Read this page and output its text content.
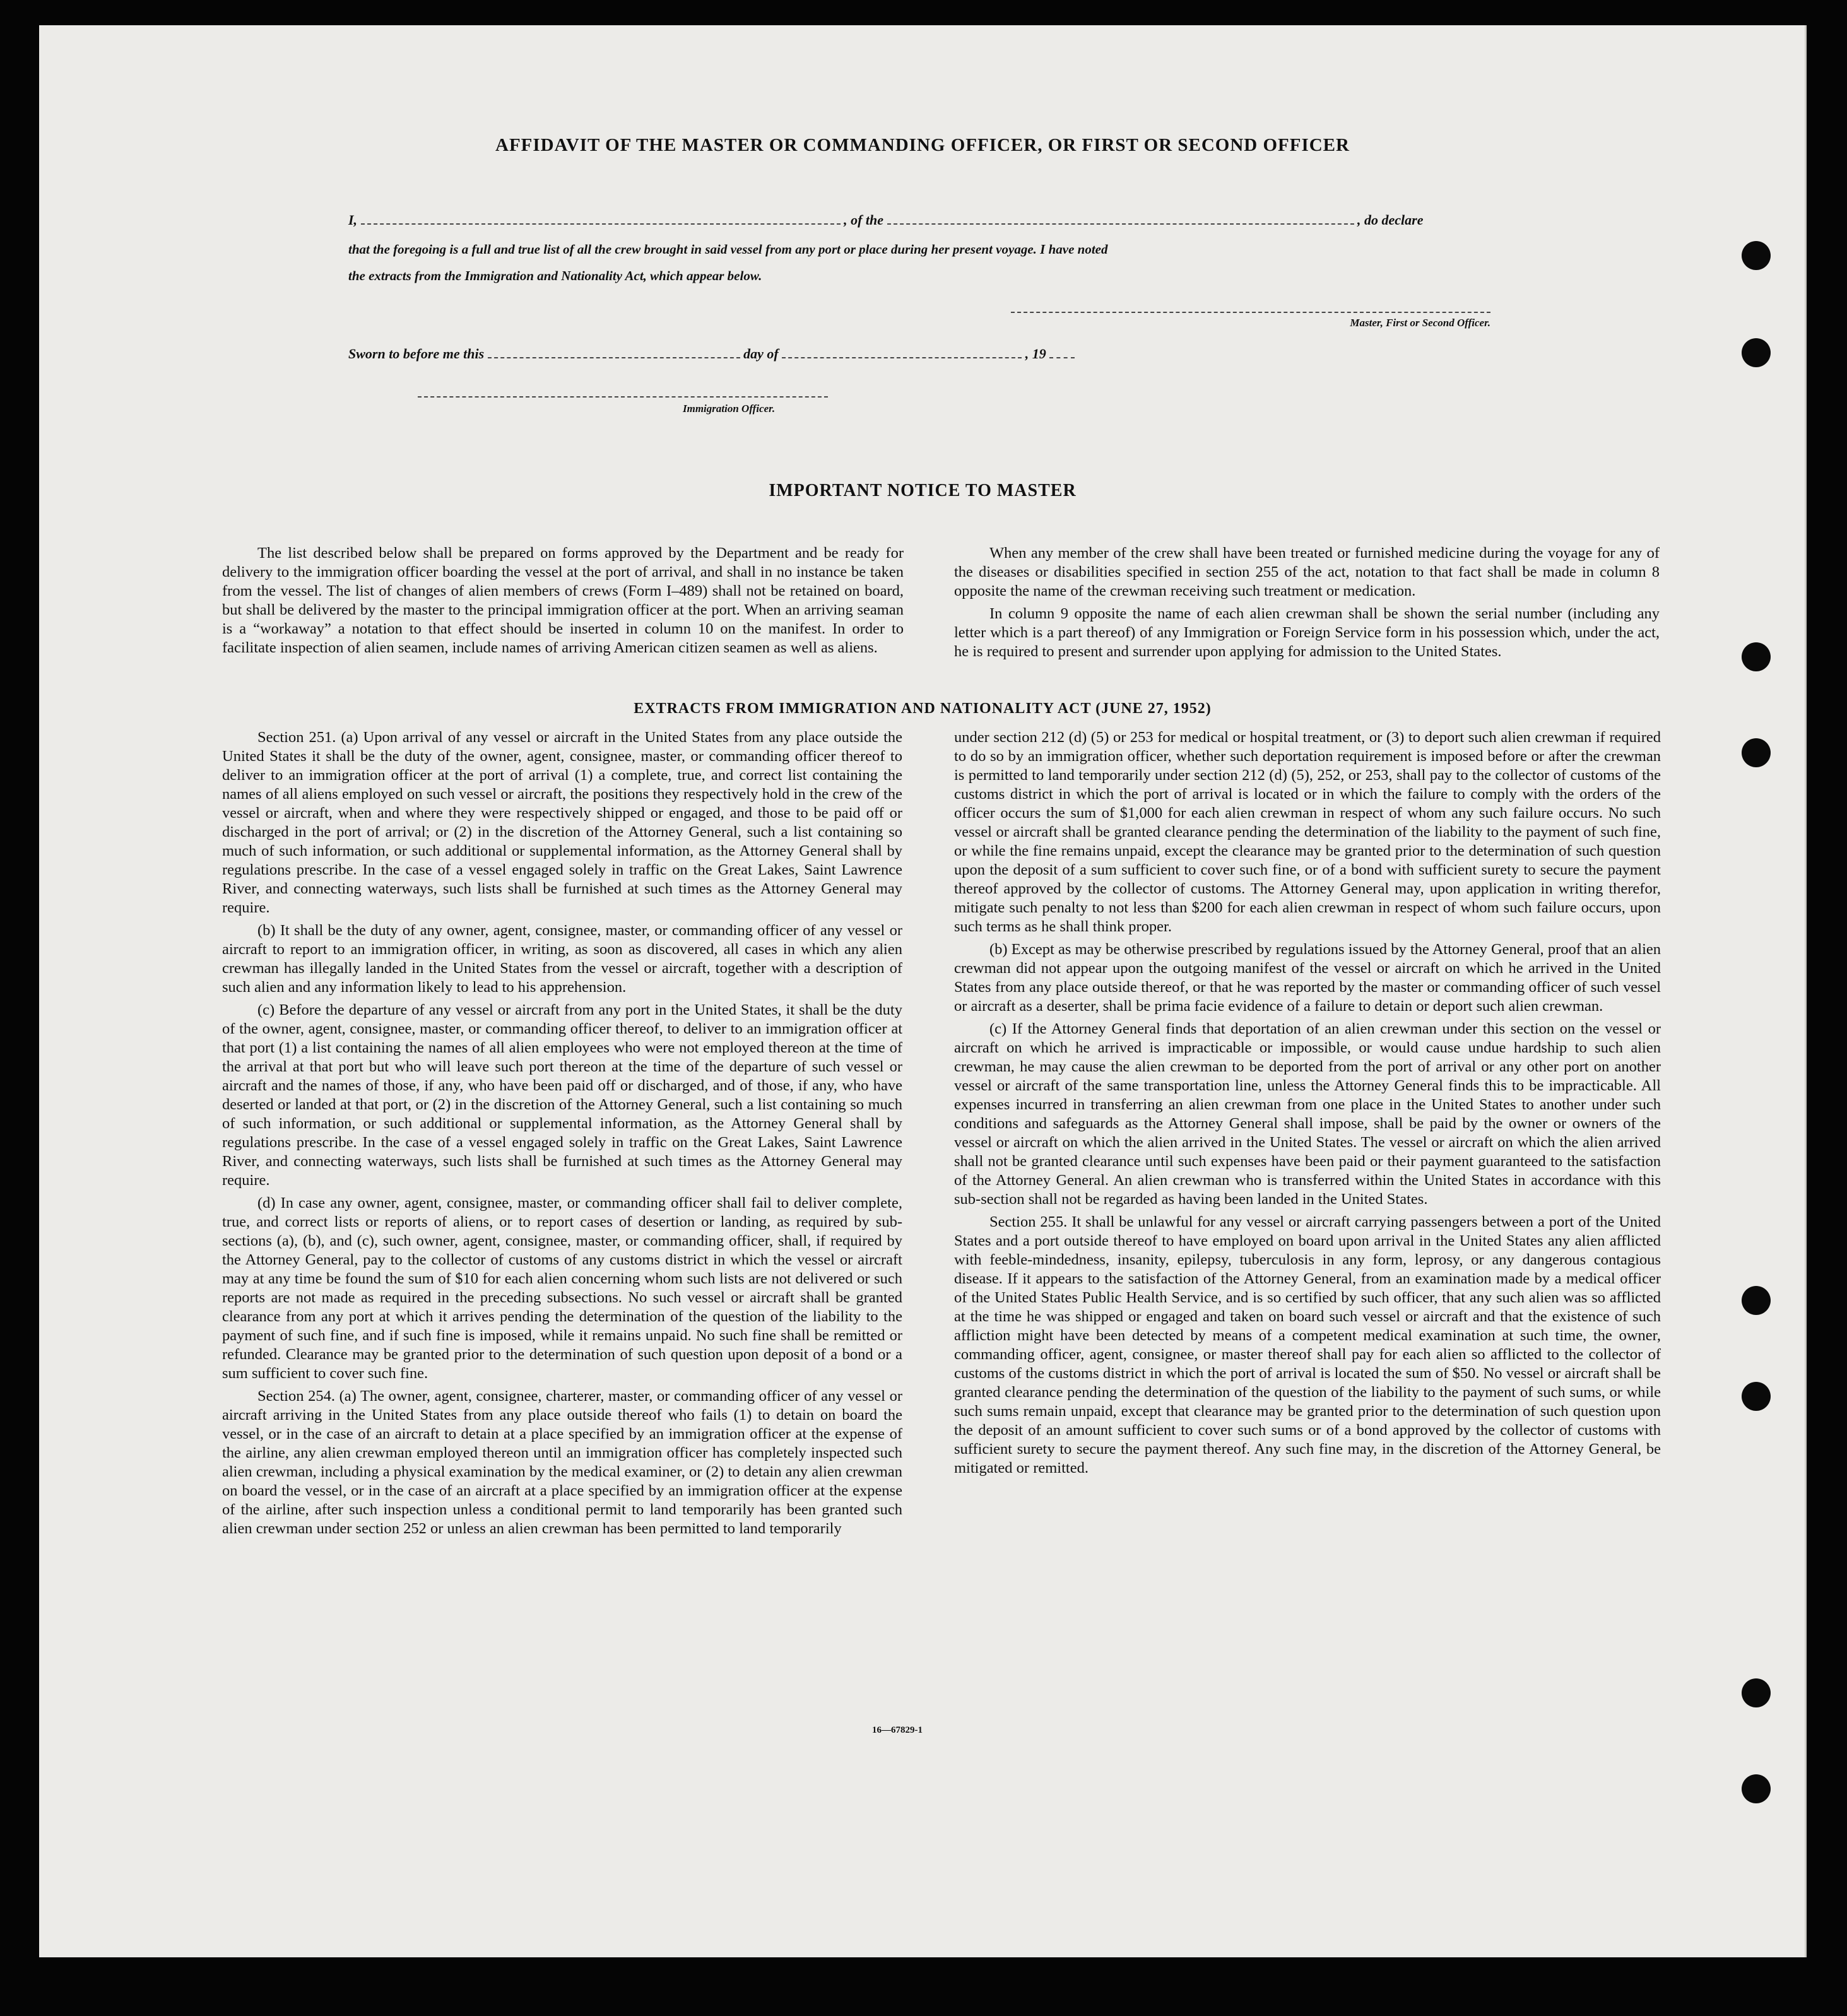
AFFIDAVIT OF THE MASTER OR COMMANDING OFFICER, OR FIRST OR SECOND OFFICER
I,	, of the	, do declare
that the foregoing is a full and true list of all the crew brought in said vessel from any port or place during her present voyage. I have noted
the extracts from the Immigration and Nationality Act, which appear below.
Master, First or Second Officer.
Sworn to before me this	day of	, 19
Immigration Officer.
IMPORTANT NOTICE TO MASTER

The list described below shall be prepared on forms approved by the Department and be ready for delivery to the immigration officer boarding the vessel at the port of arrival, and shall in no instance be taken from the vessel. The list of changes of alien members of crews (Form I–489) shall not be retained on board, but shall be delivered by the master to the principal immigration officer at the port. When an arriving seaman is a “workaway” a notation to that effect should be inserted in column 10 on the manifest. In order to facilitate inspection of alien seamen, include names of arriving American citizen seamen as well as aliens.

When any member of the crew shall have been treated or furnished medicine during the voyage for any of the diseases or disabilities specified in section 255 of the act, notation to that fact shall be made in column 8 opposite the name of the crewman receiving such treatment or medication.

In column 9 opposite the name of each alien crewman shall be shown the serial number (including any letter which is a part thereof) of any Immigration or Foreign Service form in his possession which, under the act, he is required to present and surrender upon applying for admission to the United States.

EXTRACTS FROM IMMIGRATION AND NATIONALITY ACT (JUNE 27, 1952)

Section 251. (a) Upon arrival of any vessel or aircraft in the United States from any place outside the United States it shall be the duty of the owner, agent, consignee, master, or commanding officer thereof to deliver to an immigration officer at the port of arrival (1) a complete, true, and correct list containing the names of all aliens employed on such vessel or aircraft, the positions they respectively hold in the crew of the vessel or aircraft, when and where they were respectively shipped or engaged, and those to be paid off or discharged in the port of arrival; or (2) in the discretion of the Attorney General, such a list containing so much of such information, or such additional or supplemental information, as the Attorney General shall by regulations prescribe. In the case of a vessel engaged solely in traffic on the Great Lakes, Saint Lawrence River, and connecting waterways, such lists shall be furnished at such times as the Attorney General may require.

(b) It shall be the duty of any owner, agent, consignee, master, or commanding officer of any vessel or aircraft to report to an immigration officer, in writing, as soon as discovered, all cases in which any alien crewman has illegally landed in the United States from the vessel or aircraft, together with a description of such alien and any information likely to lead to his apprehension.

(c) Before the departure of any vessel or aircraft from any port in the United States, it shall be the duty of the owner, agent, consignee, master, or commanding officer thereof, to deliver to an immigration officer at that port (1) a list containing the names of all alien employees who were not employed thereon at the time of the arrival at that port but who will leave such port thereon at the time of the departure of such vessel or aircraft and the names of those, if any, who have been paid off or discharged, and of those, if any, who have deserted or landed at that port, or (2) in the discretion of the Attorney General, such a list containing so much of such information, or such additional or supplemental information, as the Attorney General shall by regulations prescribe. In the case of a vessel engaged solely in traffic on the Great Lakes, Saint Lawrence River, and connecting waterways, such lists shall be furnished at such times as the Attorney General may require.

(d) In case any owner, agent, consignee, master, or commanding officer shall fail to deliver complete, true, and correct lists or reports of aliens, or to report cases of desertion or landing, as required by sub-sections (a), (b), and (c), such owner, agent, consignee, master, or commanding officer, shall, if required by the Attorney General, pay to the collector of customs of any customs district in which the vessel or aircraft may at any time be found the sum of $10 for each alien concerning whom such lists are not delivered or such reports are not made as required in the preceding subsections. No such vessel or aircraft shall be granted clearance from any port at which it arrives pending the determination of the question of the liability to the payment of such fine, and if such fine is imposed, while it remains unpaid. No such fine shall be remitted or refunded. Clearance may be granted prior to the determination of such question upon deposit of a bond or a sum sufficient to cover such fine.

Section 254. (a) The owner, agent, consignee, charterer, master, or commanding officer of any vessel or aircraft arriving in the United States from any place outside thereof who fails (1) to detain on board the vessel, or in the case of an aircraft to detain at a place specified by an immigration officer at the expense of the airline, any alien crewman employed thereon until an immigration officer has completely inspected such alien crewman, including a physical examination by the medical examiner, or (2) to detain any alien crewman on board the vessel, or in the case of an aircraft at a place specified by an immigration officer at the expense of the airline, after such inspection unless a conditional permit to land temporarily has been granted such alien crewman under section 252 or unless an alien crewman has been permitted to land temporarily

under section 212 (d) (5) or 253 for medical or hospital treatment, or (3) to deport such alien crewman if required to do so by an immigration officer, whether such deportation requirement is imposed before or after the crewman is permitted to land temporarily under section 212 (d) (5), 252, or 253, shall pay to the collector of customs of the customs district in which the port of arrival is located or in which the failure to comply with the orders of the officer occurs the sum of $1,000 for each alien crewman in respect of whom any such failure occurs. No such vessel or aircraft shall be granted clearance pending the determination of the liability to the payment of such fine, or while the fine remains unpaid, except the clearance may be granted prior to the determination of such question upon the deposit of a sum sufficient to cover such fine, or of a bond with sufficient surety to secure the payment thereof approved by the collector of customs. The Attorney General may, upon application in writing therefor, mitigate such penalty to not less than $200 for each alien crewman in respect of whom such failure occurs, upon such terms as he shall think proper.

(b) Except as may be otherwise prescribed by regulations issued by the Attorney General, proof that an alien crewman did not appear upon the outgoing manifest of the vessel or aircraft on which he arrived in the United States from any place outside thereof, or that he was reported by the master or commanding officer of such vessel or aircraft as a deserter, shall be prima facie evidence of a failure to detain or deport such alien crewman.

(c) If the Attorney General finds that deportation of an alien crewman under this section on the vessel or aircraft on which he arrived is impracticable or impossible, or would cause undue hardship to such alien crewman, he may cause the alien crewman to be deported from the port of arrival or any other port on another vessel or aircraft of the same transportation line, unless the Attorney General finds this to be impracticable. All expenses incurred in transferring an alien crewman from one place in the United States to another under such conditions and safeguards as the Attorney General shall impose, shall be paid by the owner or owners of the vessel or aircraft on which the alien arrived in the United States. The vessel or aircraft on which the alien arrived shall not be granted clearance until such expenses have been paid or their payment guaranteed to the satisfaction of the Attorney General. An alien crewman who is transferred within the United States in accordance with this sub-section shall not be regarded as having been landed in the United States.

Section 255. It shall be unlawful for any vessel or aircraft carrying passengers between a port of the United States and a port outside thereof to have employed on board upon arrival in the United States any alien afflicted with feeble-mindedness, insanity, epilepsy, tuberculosis in any form, leprosy, or any dangerous contagious disease. If it appears to the satisfaction of the Attorney General, from an examination made by a medical officer of the United States Public Health Service, and is so certified by such officer, that any such alien was so afflicted at the time he was shipped or engaged and taken on board such vessel or aircraft and that the existence of such affliction might have been detected by means of a competent medical examination at such time, the owner, commanding officer, agent, consignee, or master thereof shall pay for each alien so afflicted to the collector of customs of the customs district in which the port of arrival is located the sum of $50. No vessel or aircraft shall be granted clearance pending the determination of the question of the liability to the payment of such sums, or while such sums remain unpaid, except that clearance may be granted prior to the determination of such question upon the deposit of an amount sufficient to cover such sums or of a bond approved by the collector of customs with sufficient surety to secure the payment thereof. Any such fine may, in the discretion of the Attorney General, be mitigated or remitted.

16—67829-1
